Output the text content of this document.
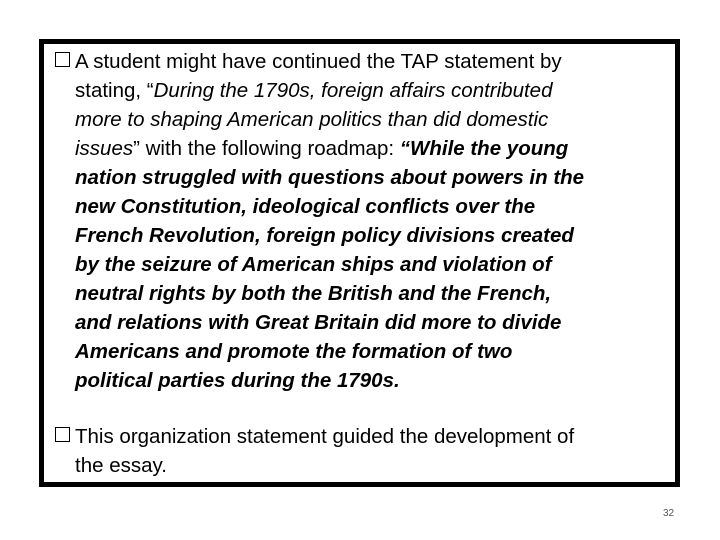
A student might have continued the TAP statement by
stating, “During the 1790s, foreign affairs contributed
more to shaping American politics than did domestic
issues” with the following roadmap: “While the young
nation struggled with questions about powers in the
new Constitution, ideological conflicts over the
French Revolution, foreign policy divisions created
by the seizure of American ships and violation of
neutral rights by both the British and the French,
and relations with Great Britain did more to divide
Americans and promote the formation of two
political parties during the 1790s.

This organization statement guided the development of
the essay.

32
